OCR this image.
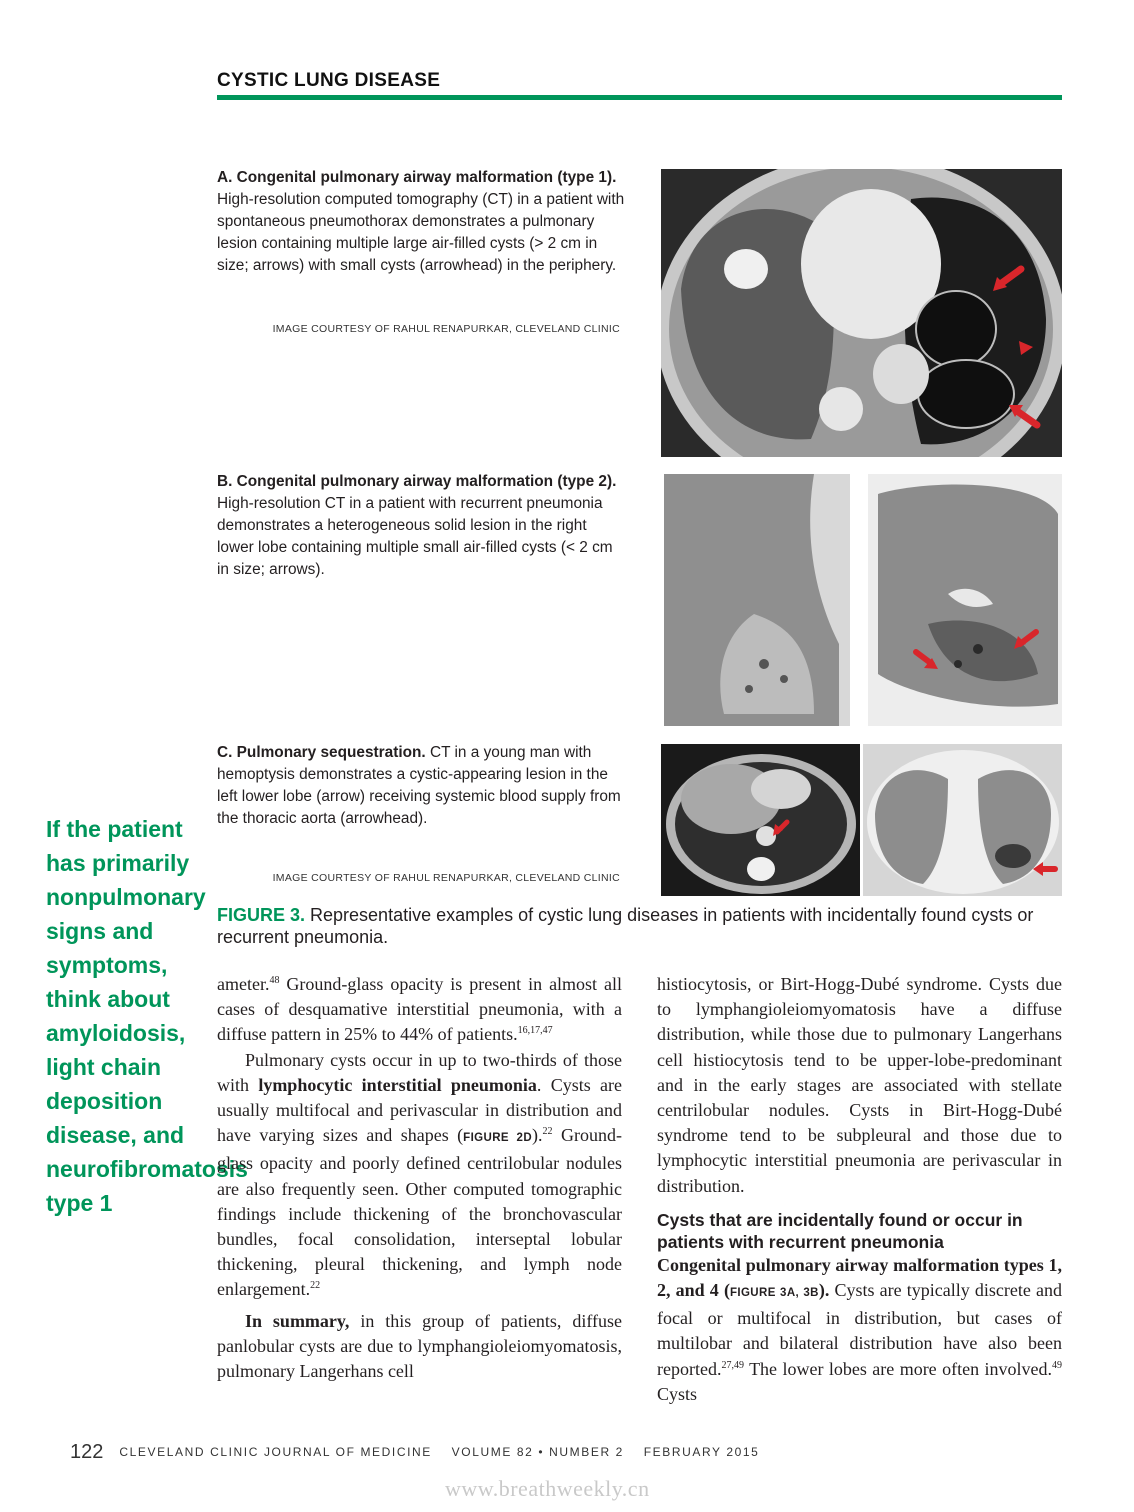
CYSTIC LUNG DISEASE
A. Congenital pulmonary airway malformation (type 1). High-resolution computed tomography (CT) in a patient with spontaneous pneumothorax demonstrates a pulmonary lesion containing multiple large air-filled cysts (> 2 cm in size; arrows) with small cysts (arrowhead) in the periphery.
IMAGE COURTESY OF RAHUL RENAPURKAR, CLEVELAND CLINIC
B. Congenital pulmonary airway malformation (type 2). High-resolution CT in a patient with recurrent pneumonia demonstrates a heterogeneous solid lesion in the right lower lobe containing multiple small air-filled cysts (< 2 cm in size; arrows).
C. Pulmonary sequestration. CT in a young man with hemoptysis demonstrates a cystic-appearing lesion in the left lower lobe (arrow) receiving systemic blood supply from the thoracic aorta (arrowhead).
IMAGE COURTESY OF RAHUL RENAPURKAR, CLEVELAND CLINIC
FIGURE 3. Representative examples of cystic lung diseases in patients with incidentally found cysts or recurrent pneumonia.
If the patient has primarily nonpulmonary signs and symptoms, think about amyloidosis, light chain deposition disease, and neurofibromatosis type 1

ameter.$^{48}$ Ground-glass opacity is present in almost all cases of desquamative interstitial pneumonia, with a diffuse pattern in 25% to 44% of patients.$^{16,17,47}$

Pulmonary cysts occur in up to two-thirds of those with lymphocytic interstitial pneumonia. Cysts are usually multifocal and perivascular in distribution and have varying sizes and shapes (FIGURE 2D).$^{22}$ Ground-glass opacity and poorly defined centrilobular nodules are also frequently seen. Other computed tomographic findings include thickening of the bronchovascular bundles, focal consolidation, interseptal lobular thickening, pleural thickening, and lymph node enlargement.$^{22}$

In summary, in this group of patients, diffuse panlobular cysts are due to lymphangioleiomyomatosis, pulmonary Langerhans cell

histiocytosis, or Birt-Hogg-Dubé syndrome. Cysts due to lymphangioleiomyomatosis have a diffuse distribution, while those due to pulmonary Langerhans cell histiocytosis tend to be upper-lobe-predominant and in the early stages are associated with stellate centrilobular nodules. Cysts in Birt-Hogg-Dubé syndrome tend to be subpleural and those due to lymphocytic interstitial pneumonia are perivascular in distribution.

Cysts that are incidentally found or occur in patients with recurrent pneumonia

Congenital pulmonary airway malformation types 1, 2, and 4 (FIGURE 3A, 3B). Cysts are typically discrete and focal or multifocal in distribution, but cases of multilobar and bilateral distribution have also been reported.$^{27,49}$ The lower lobes are more often involved.$^{49}$ Cysts

122 CLEVELAND CLINIC JOURNAL OF MEDICINE VOLUME 82 • NUMBER 2 FEBRUARY 2015
www.breathweekly.cn
